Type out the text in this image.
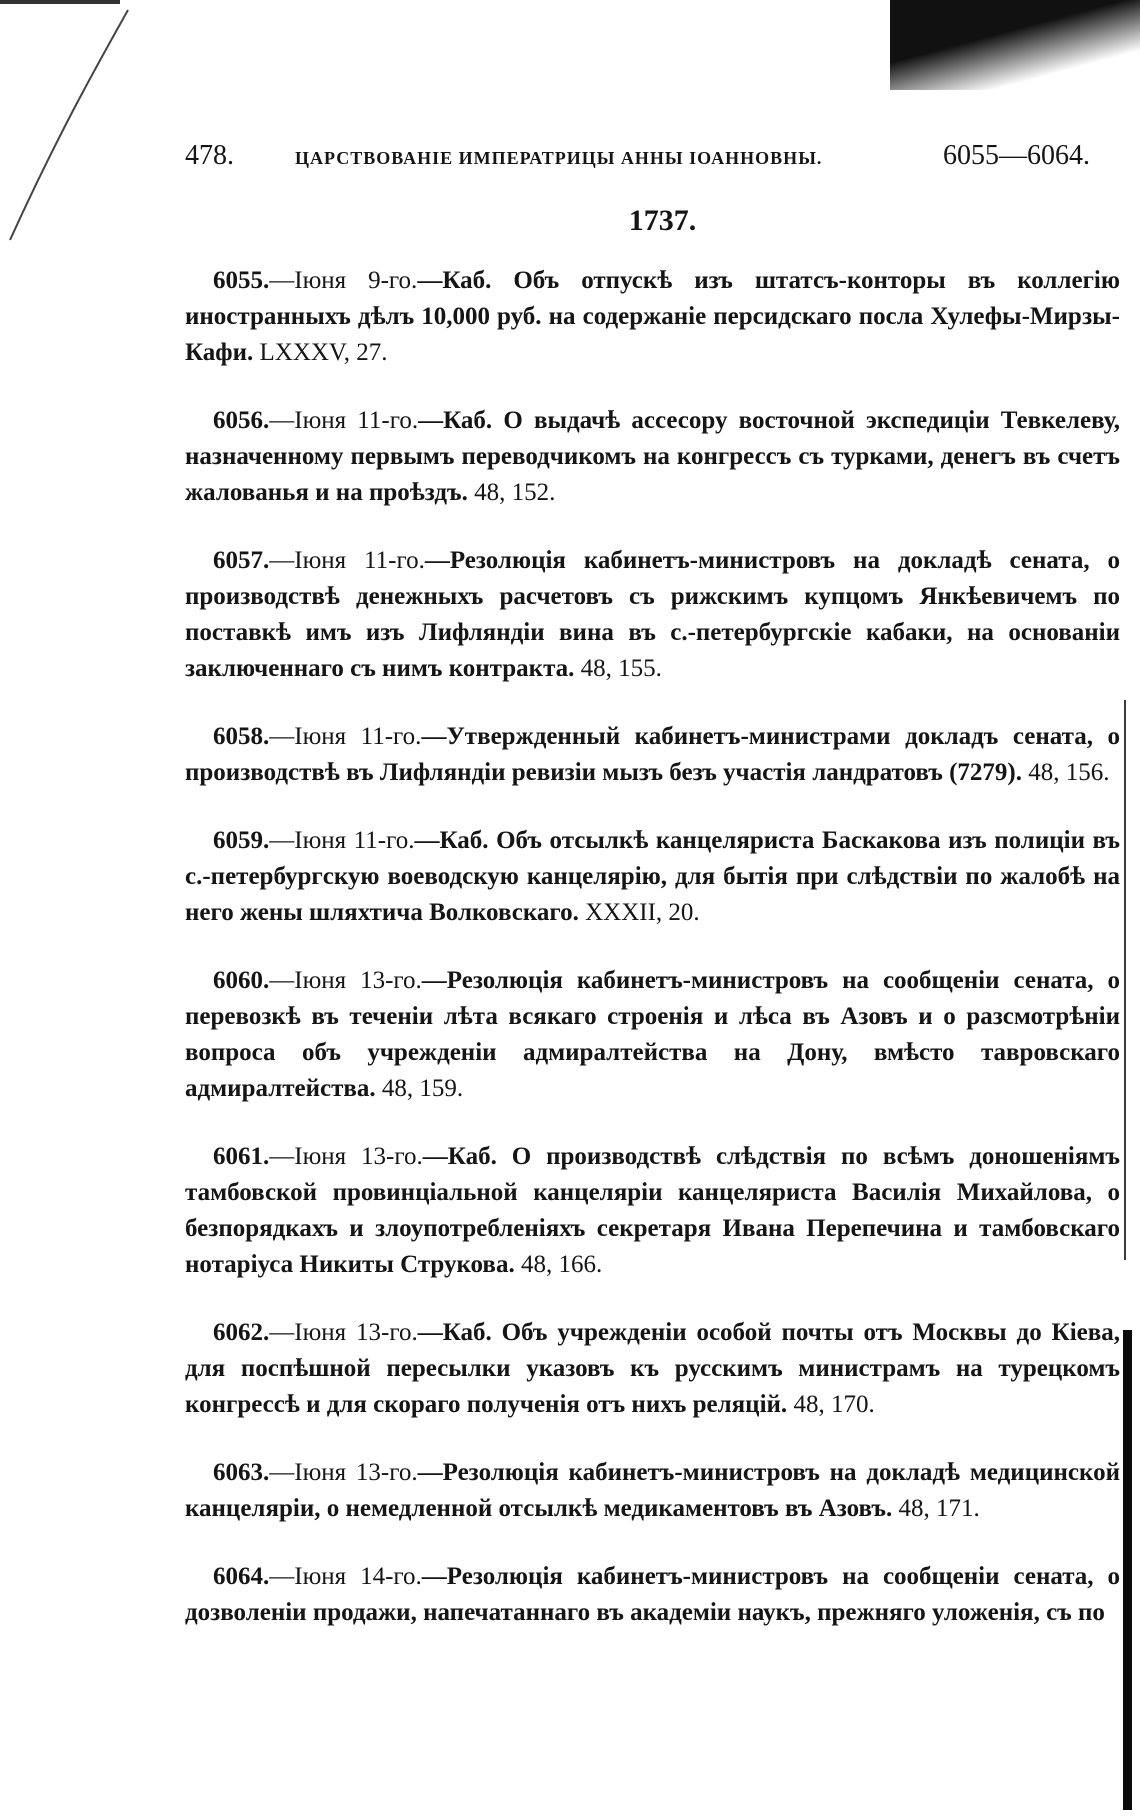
478.	ЦАРСТВОВАНІЕ ИМПЕРАТРИЦЫ АННЫ ІОАННОВНЫ.	6055—6064.
1737.

6055.—Іюня 9-го.—Каб. Объ отпускѣ изъ штатсъ-конторы въ коллегію иностранныхъ дѣлъ 10,000 руб. на содержаніе персидскаго посла Хулефы-Мирзы-Кафи. LXXXV, 27.

6056.—Іюня 11-го.—Каб. О выдачѣ ассесору восточной экспедиціи Тевкелеву, назначенному первымъ переводчикомъ на конгрессъ съ турками, денегъ въ счетъ жалованья и на проѣздъ. 48, 152.

6057.—Іюня 11-го.—Резолюція кабинетъ-министровъ на докладѣ сената, о производствѣ денежныхъ расчетовъ съ рижскимъ купцомъ Янкѣевичемъ по поставкѣ имъ изъ Лифляндіи вина въ с.-петербургскіе кабаки, на основаніи заключеннаго съ нимъ контракта. 48, 155.

6058.—Іюня 11-го.—Утвержденный кабинетъ-министрами докладъ сената, о производствѣ въ Лифляндіи ревизіи мызъ безъ участія ландратовъ (7279). 48, 156.

6059.—Іюня 11-го.—Каб. Объ отсылкѣ канцеляриста Баскакова изъ полиціи въ с.-петербургскую воеводскую канцелярію, для бытія при слѣдствіи по жалобѣ на него жены шляхтича Волковскаго. XXXII, 20.

6060.—Іюня 13-го.—Резолюція кабинетъ-министровъ на сообщеніи сената, о перевозкѣ въ теченіи лѣта всякаго строенія и лѣса въ Азовъ и о разсмотрѣніи вопроса объ учрежденіи адмиралтейства на Дону, вмѣсто тавровскаго адмиралтейства. 48, 159.

6061.—Іюня 13-го.—Каб. О производствѣ слѣдствія по всѣмъ доношеніямъ тамбовской провинціальной канцеляріи канцеляриста Василія Михайлова, о безпорядкахъ и злоупотребленіяхъ секретаря Ивана Перепечина и тамбовскаго нотаріуса Никиты Струкова. 48, 166.

6062.—Іюня 13-го.—Каб. Объ учрежденіи особой почты отъ Москвы до Кіева, для поспѣшной пересылки указовъ къ русскимъ министрамъ на турецкомъ конгрессѣ и для скораго полученія отъ нихъ реляцій. 48, 170.

6063.—Іюня 13-го.—Резолюція кабинетъ-министровъ на докладѣ медицинской канцеляріи, о немедленной отсылкѣ медикаментовъ въ Азовъ. 48, 171.

6064.—Іюня 14-го.—Резолюція кабинетъ-министровъ на сообщеніи сената, о дозволеніи продажи, напечатаннаго въ академіи наукъ, прежняго уложенія, съ по
